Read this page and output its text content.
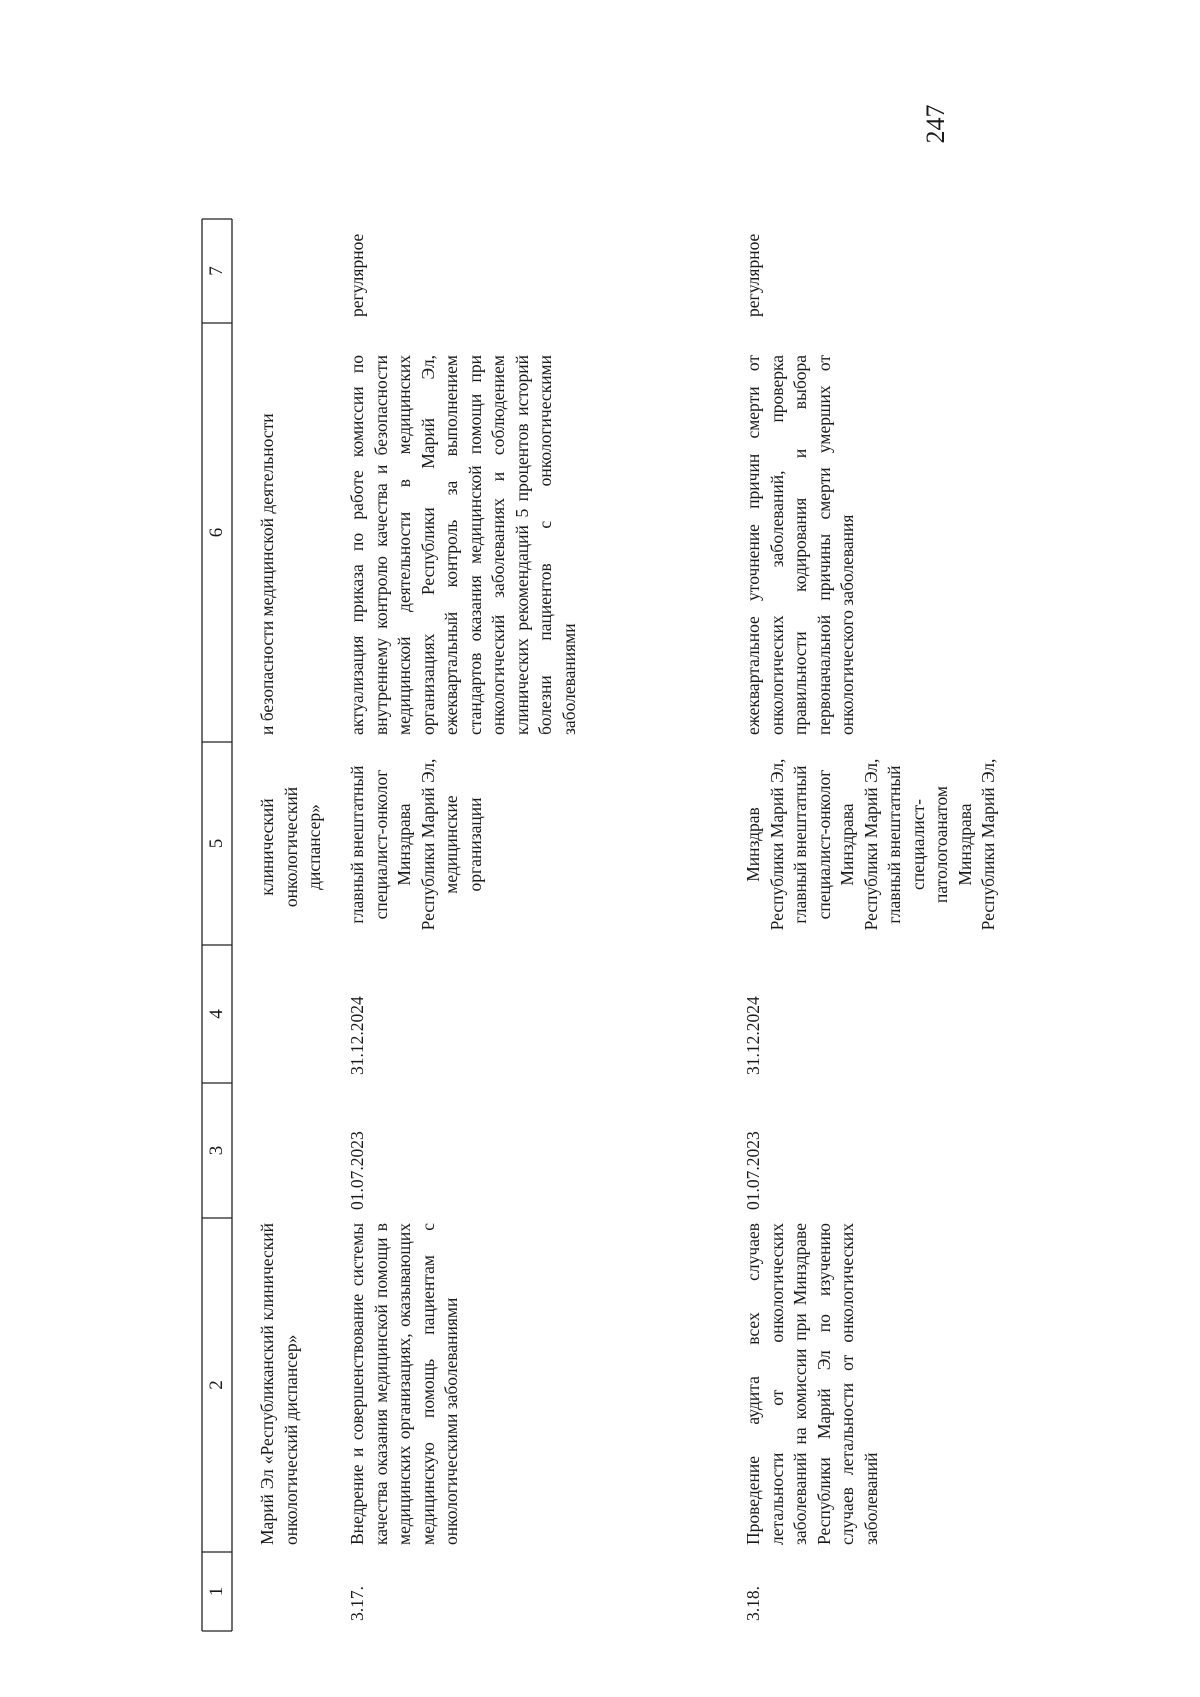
247
1
2
3
4
5
6
7
Марий Эл «Республиканский клинический онкологический диспансер»
клинический онкологический диспансер»
и безопасности медицинской деятельности
3.17.
Внедрение и совершенствование системы качества оказания медицинской помощи в медицинских организациях, оказывающих медицинскую помощь пациентам с онкологическими заболеваниями
01.07.2023
31.12.2024
главный внештатный специалист-онколог Минздрава Республики Марий Эл, медицинские организации
актуализация приказа по работе комиссии по внутреннему контролю качества и безопасности медицинской деятельности в медицинских организациях Республики Марий Эл, ежеквартальный контроль за выполнением стандартов оказания медицинской помощи при онкологический заболеваниях и соблюдением клинических рекомендаций 5 процентов историй болезни пациентов с онкологическими заболеваниями
регулярное
3.18.
Проведение аудита всех случаев летальности от онкологических заболеваний на комиссии при Минздраве Республики Марий Эл по изучению случаев летальности от онкологических заболеваний
01.07.2023
31.12.2024
Минздрав Республики Марий Эл, главный внештатный специалист-онколог Минздрава Республики Марий Эл, главный внештатный специалист- патологоанатом Минздрава Республики Марий Эл,
ежеквартальное уточнение причин смерти от онкологических заболеваний, проверка правильности кодирования и выбора первоначальной причины смерти умерших от онкологического заболевания
регулярное
